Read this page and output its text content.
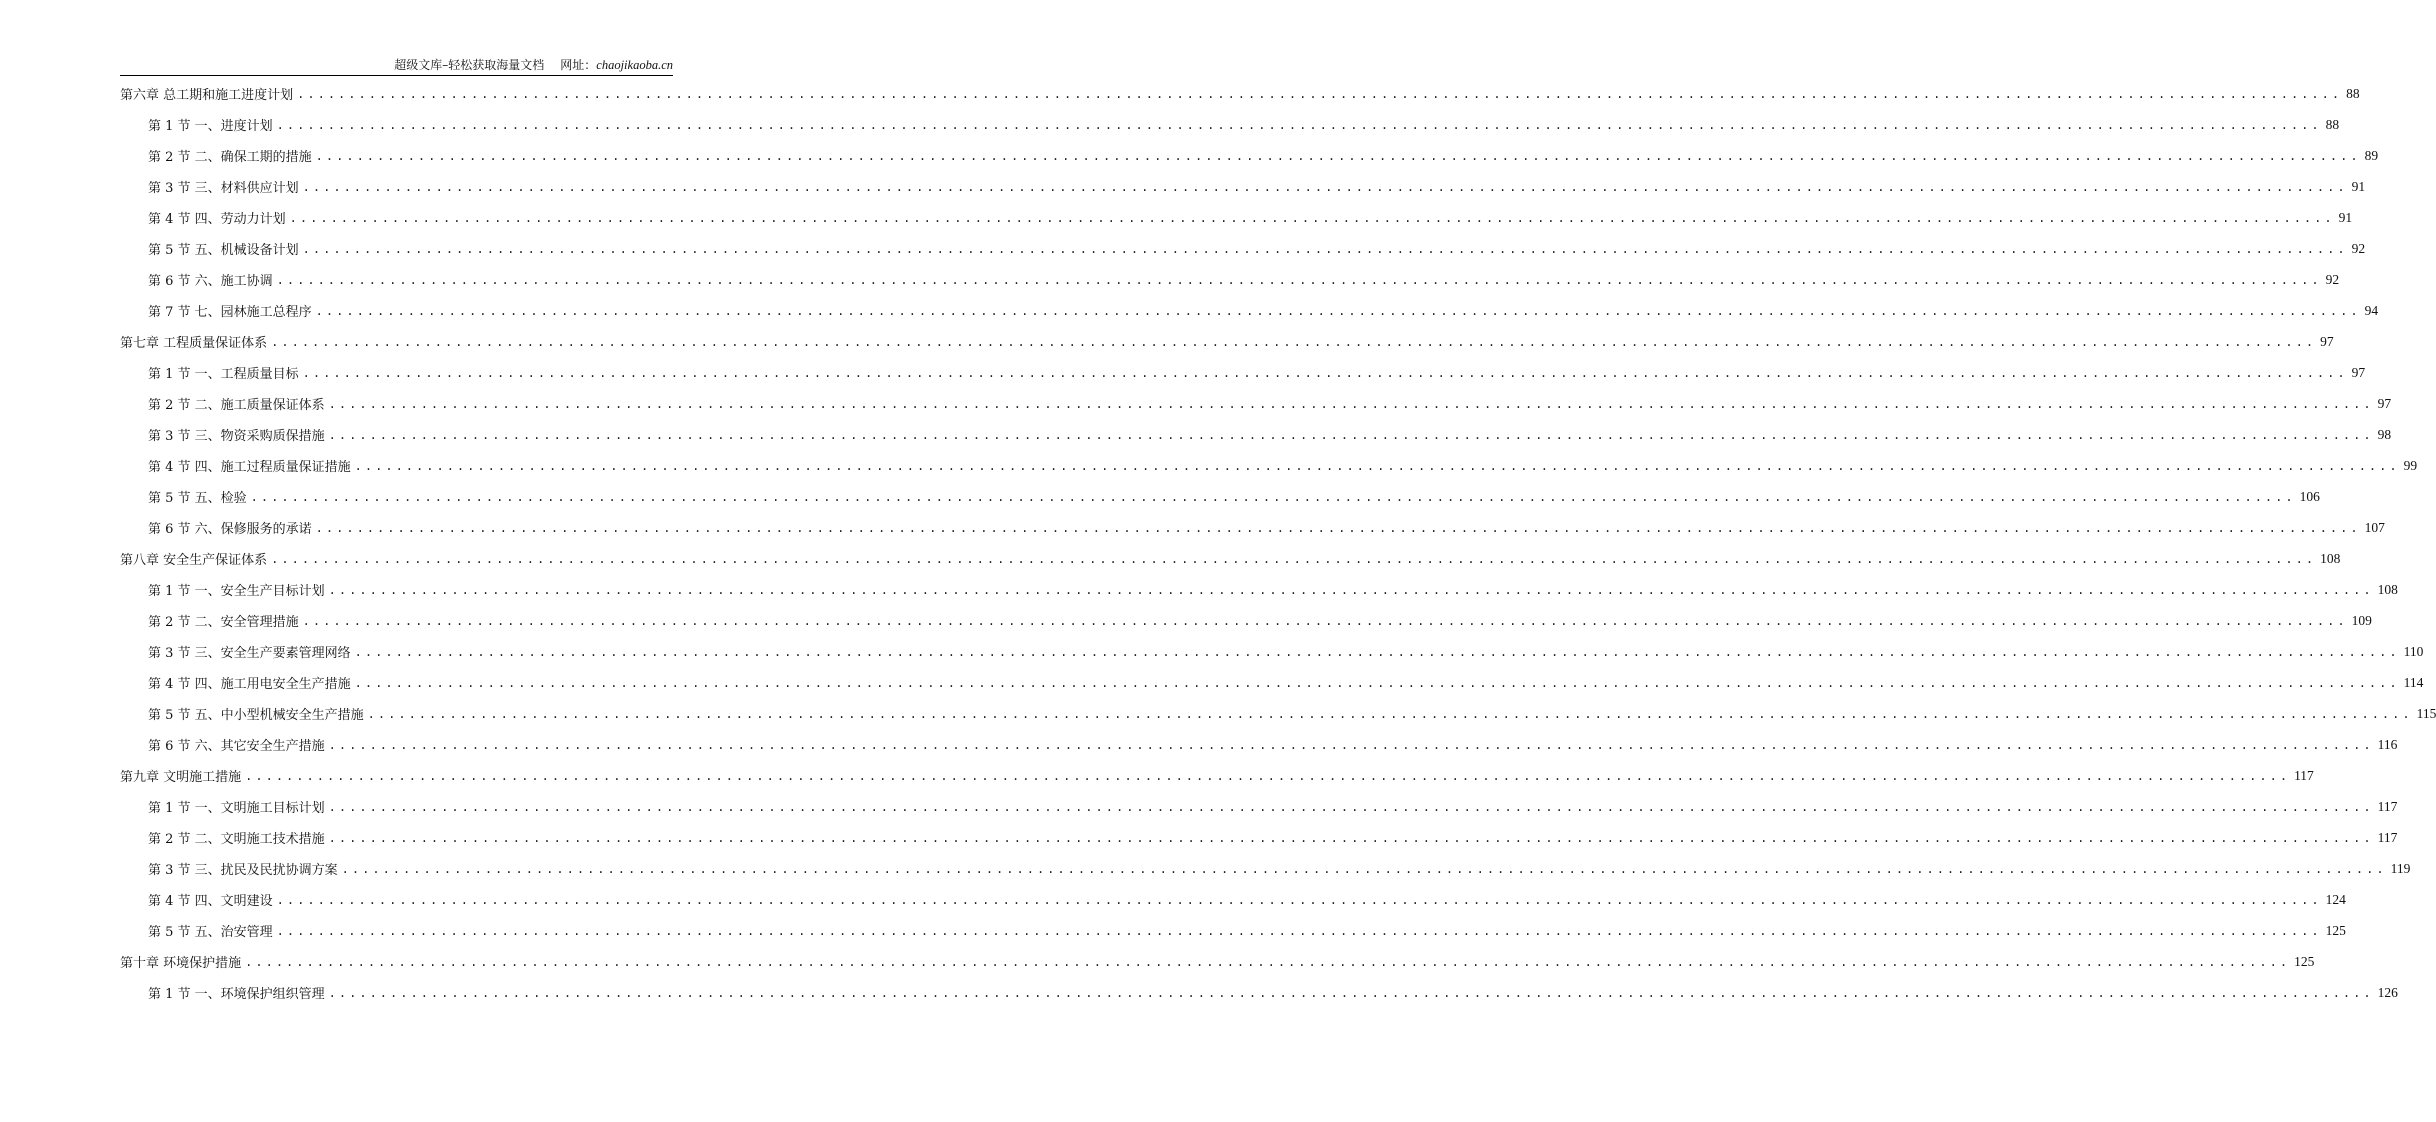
超级文库–轻松获取海量文档 网址：chaojikaoba.cn
第六章 总工期和施工进度计划 ........................................................................................................................................................................................................ 88
第 1 节 一、进度计划 ........................................................................................................................................................................................................ 88
第 2 节 二、确保工期的措施 ........................................................................................................................................................................................................ 89
第 3 节 三、材料供应计划 ........................................................................................................................................................................................................ 91
第 4 节 四、劳动力计划 ........................................................................................................................................................................................................ 91
第 5 节 五、机械设备计划 ........................................................................................................................................................................................................ 92
第 6 节 六、施工协调 ........................................................................................................................................................................................................ 92
第 7 节 七、园林施工总程序 ........................................................................................................................................................................................................ 94
第七章 工程质量保证体系 ........................................................................................................................................................................................................ 97
第 1 节 一、工程质量目标 ........................................................................................................................................................................................................ 97
第 2 节 二、施工质量保证体系 ........................................................................................................................................................................................................ 97
第 3 节 三、物资采购质保措施 ........................................................................................................................................................................................................ 98
第 4 节 四、施工过程质量保证措施 ........................................................................................................................................................................................................ 99
第 5 节 五、检验 ........................................................................................................................................................................................................ 106
第 6 节 六、保修服务的承诺 ........................................................................................................................................................................................................ 107
第八章 安全生产保证体系 ........................................................................................................................................................................................................ 108
第 1 节 一、安全生产目标计划 ........................................................................................................................................................................................................ 108
第 2 节 二、安全管理措施 ........................................................................................................................................................................................................ 109
第 3 节 三、安全生产要素管理网络 ........................................................................................................................................................................................................ 110
第 4 节 四、施工用电安全生产措施 ........................................................................................................................................................................................................ 114
第 5 节 五、中小型机械安全生产措施 ........................................................................................................................................................................................................ 115
第 6 节 六、其它安全生产措施 ........................................................................................................................................................................................................ 116
第九章 文明施工措施 ........................................................................................................................................................................................................ 117
第 1 节 一、文明施工目标计划 ........................................................................................................................................................................................................ 117
第 2 节 二、文明施工技术措施 ........................................................................................................................................................................................................ 117
第 3 节 三、扰民及民扰协调方案 ........................................................................................................................................................................................................ 119
第 4 节 四、文明建设 ........................................................................................................................................................................................................ 124
第 5 节 五、治安管理 ........................................................................................................................................................................................................ 125
第十章 环境保护措施 ........................................................................................................................................................................................................ 125
第 1 节 一、环境保护组织管理 ........................................................................................................................................................................................................ 126
